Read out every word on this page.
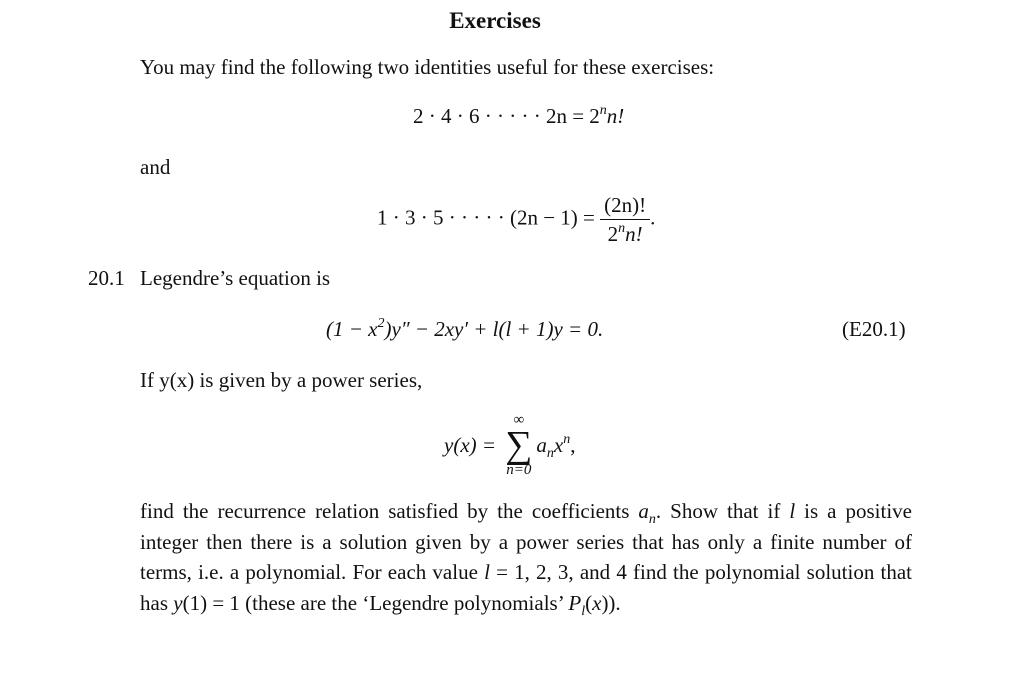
Exercises
You may find the following two identities useful for these exercises:
2 · 4 · 6 · · · · · $2n = 2^nn$!
and
1 · 3 · 5 · · · · · $(2n - 1) = \frac{(2n)!}{2^nn!}$ .
20.1 Legendre’s equation is
$(1 - x^2)y'' - 2xy' + l(l + 1)y = 0$.	(E20.1)
If y(x) is given by a power series,
y(x) =
∞
∑
n=0
$a_nx^n$,
find the recurrence relation satisfied by the coefficients $a_n$. Show that if l is a positive integer then there is a solution given by a power series that has only a finite number of terms, i.e. a polynomial. For each value l = 1, 2, 3, and 4 find the polynomial solution that has y(1) = 1 (these are the ‘Legendre polynomials’ $P_l(x)$).
